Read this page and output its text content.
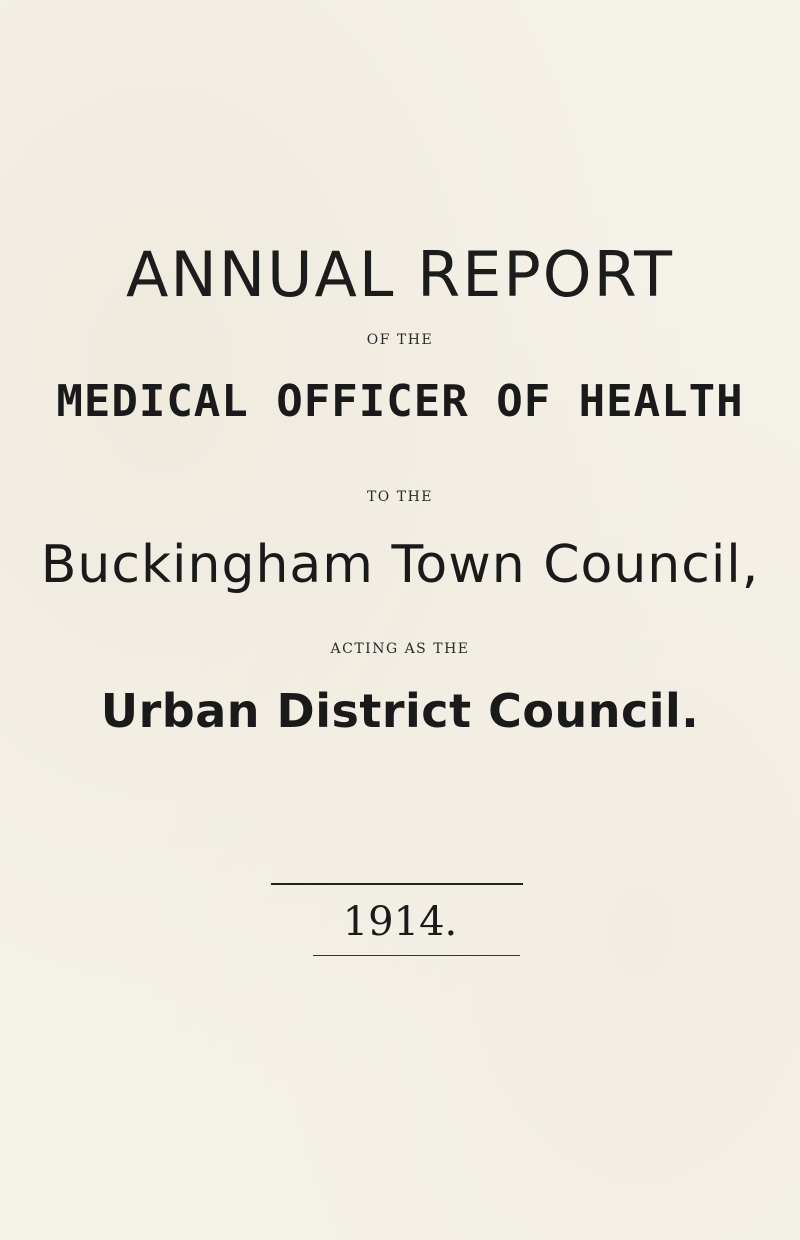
ANNUAL REPORT
OF THE
MEDICAL OFFICER OF HEALTH
TO THE
Buckingham Town Council,
ACTING AS THE
Urban District Council.
1914.
